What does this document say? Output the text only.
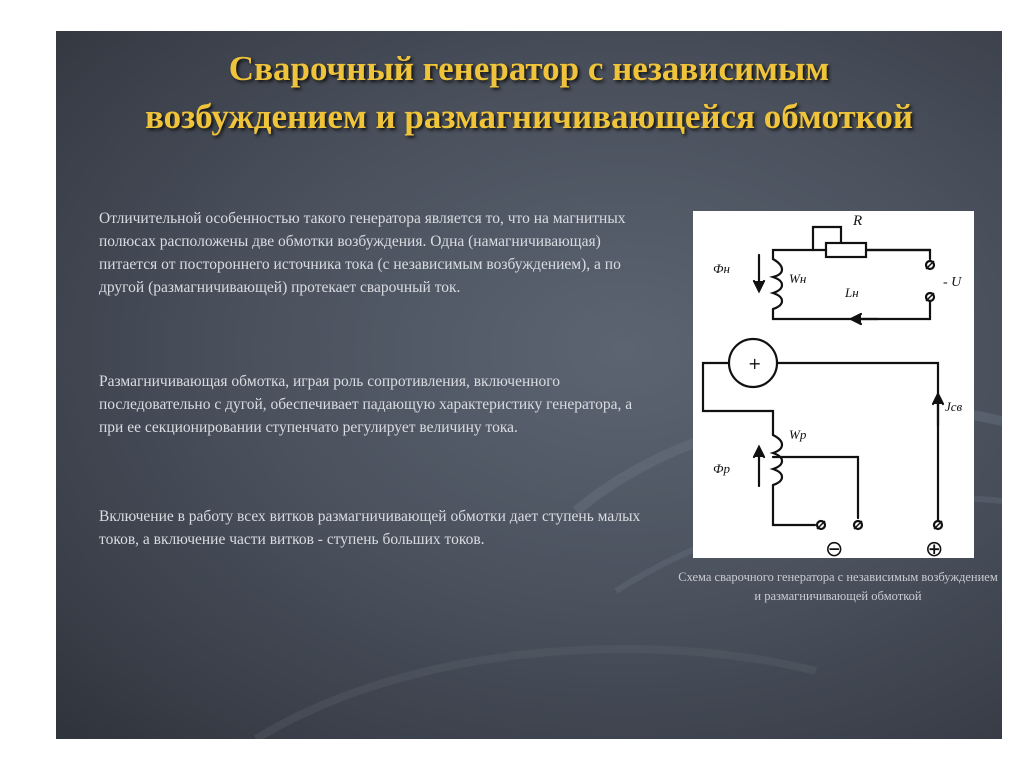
Сварочный генератор с независимым возбуждением и размагничивающейся обмоткой

Отличительной особенностью такого генератора является то, что на магнитных полюсах расположены две обмотки возбуждения. Одна (намагничивающая) питается от постороннего источника тока (с независимым возбуждением), а по другой (размагничивающей) протекает сварочный ток.

Размагничивающая обмотка, играя роль сопротивления, включенного последовательно с дугой, обеспечивает падающую характеристику генератора, а при ее секционировании ступенчато регулирует величину тока.

Включение в работу всех витков размагничивающей обмотки дает ступень малых токов, а включение части витков - ступень больших токов.

R
Фн
Wн
Lн
- U
+
Jсв
Wр
Фр
⊖	⊕
Схема сварочного генератора с независимым возбуждением и размагничивающей обмоткой
